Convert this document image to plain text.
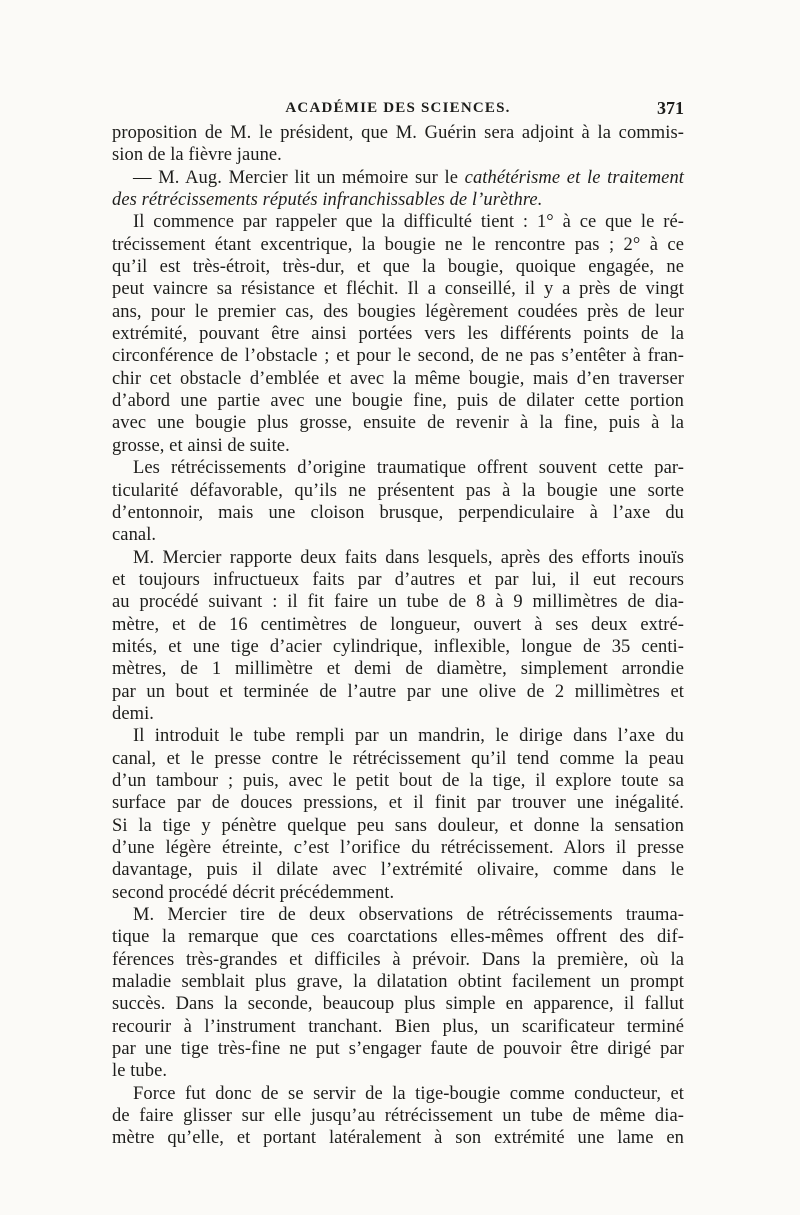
ACADÉMIE DES SCIENCES.	371
proposition de M. le président, que M. Guérin sera adjoint à la commis-
sion de la fièvre jaune.
— M. Aug. Mercier lit un mémoire sur le cathétérisme et le traitement
des rétrécissements réputés infranchissables de l’urèthre.
Il commence par rappeler que la difficulté tient : 1° à ce que le ré-
trécissement étant excentrique, la bougie ne le rencontre pas ; 2° à ce
qu’il est très-étroit, très-dur, et que la bougie, quoique engagée, ne
peut vaincre sa résistance et fléchit. Il a conseillé, il y a près de vingt
ans, pour le premier cas, des bougies légèrement coudées près de leur
extrémité, pouvant être ainsi portées vers les différents points de la
circonférence de l’obstacle ; et pour le second, de ne pas s’entêter à fran-
chir cet obstacle d’emblée et avec la même bougie, mais d’en traverser
d’abord une partie avec une bougie fine, puis de dilater cette portion
avec une bougie plus grosse, ensuite de revenir à la fine, puis à la
grosse, et ainsi de suite.
Les rétrécissements d’origine traumatique offrent souvent cette par-
ticularité défavorable, qu’ils ne présentent pas à la bougie une sorte
d’entonnoir, mais une cloison brusque, perpendiculaire à l’axe du
canal.
M. Mercier rapporte deux faits dans lesquels, après des efforts inouïs
et toujours infructueux faits par d’autres et par lui, il eut recours
au procédé suivant : il fit faire un tube de 8 à 9 millimètres de dia-
mètre, et de 16 centimètres de longueur, ouvert à ses deux extré-
mités, et une tige d’acier cylindrique, inflexible, longue de 35 centi-
mètres, de 1 millimètre et demi de diamètre, simplement arrondie
par un bout et terminée de l’autre par une olive de 2 millimètres et
demi.
Il introduit le tube rempli par un mandrin, le dirige dans l’axe du
canal, et le presse contre le rétrécissement qu’il tend comme la peau
d’un tambour ; puis, avec le petit bout de la tige, il explore toute sa
surface par de douces pressions, et il finit par trouver une inégalité.
Si la tige y pénètre quelque peu sans douleur, et donne la sensation
d’une légère étreinte, c’est l’orifice du rétrécissement. Alors il presse
davantage, puis il dilate avec l’extrémité olivaire, comme dans le
second procédé décrit précédemment.
M. Mercier tire de deux observations de rétrécissements trauma-
tique la remarque que ces coarctations elles-mêmes offrent des dif-
férences très-grandes et difficiles à prévoir. Dans la première, où la
maladie semblait plus grave, la dilatation obtint facilement un prompt
succès. Dans la seconde, beaucoup plus simple en apparence, il fallut
recourir à l’instrument tranchant. Bien plus, un scarificateur terminé
par une tige très-fine ne put s’engager faute de pouvoir être dirigé par
le tube.
Force fut donc de se servir de la tige-bougie comme conducteur, et
de faire glisser sur elle jusqu’au rétrécissement un tube de même dia-
mètre qu’elle, et portant latéralement à son extrémité une lame en
